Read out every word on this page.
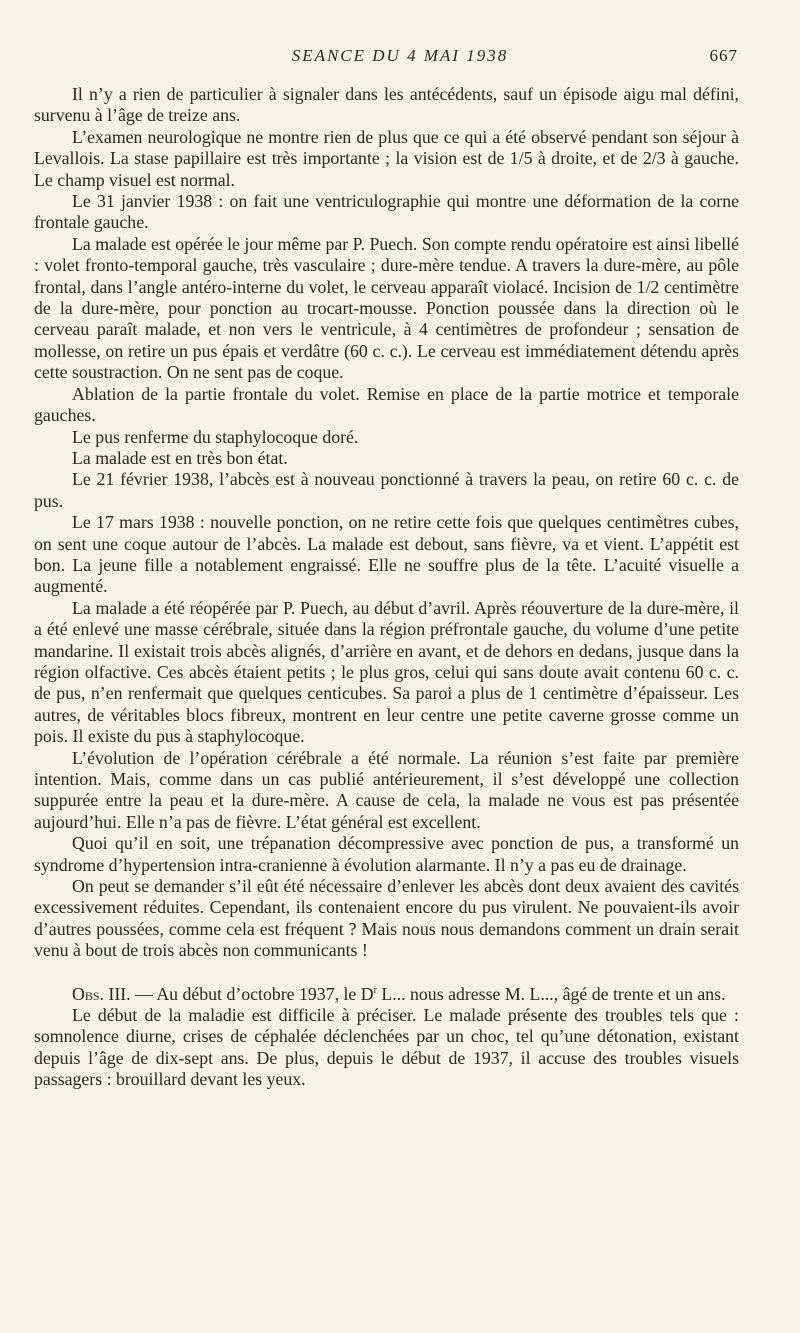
SEANCE DU 4 MAI 1938	667

Il n’y a rien de particulier à signaler dans les antécédents, sauf un épisode aigu mal défini, survenu à l’âge de treize ans.

L’examen neurologique ne montre rien de plus que ce qui a été observé pendant son séjour à Levallois. La stase papillaire est très importante ; la vision est de 1/5 à droite, et de 2/3 à gauche. Le champ visuel est normal.

Le 31 janvier 1938 : on fait une ventriculographie qui montre une déformation de la corne frontale gauche.

La malade est opérée le jour même par P. Puech. Son compte rendu opératoire est ainsi libellé : volet fronto-temporal gauche, très vasculaire ; dure-mère tendue. A travers la dure-mère, au pôle frontal, dans l’angle antéro-interne du volet, le cerveau apparaît violacé. Incision de 1/2 centimètre de la dure-mère, pour ponction au trocart-mousse. Ponction poussée dans la direction où le cerveau paraît malade, et non vers le ventricule, à 4 centimètres de profondeur ; sensation de mollesse, on retire un pus épais et verdâtre (60 c. c.). Le cerveau est immédiatement détendu après cette soustraction. On ne sent pas de coque.

Ablation de la partie frontale du volet. Remise en place de la partie motrice et temporale gauches.

Le pus renferme du staphylocoque doré.

La malade est en très bon état.

Le 21 février 1938, l’abcès est à nouveau ponctionné à travers la peau, on retire 60 c. c. de pus.

Le 17 mars 1938 : nouvelle ponction, on ne retire cette fois que quelques centimètres cubes, on sent une coque autour de l’abcès. La malade est debout, sans fièvre, va et vient. L’appétit est bon. La jeune fille a notablement engraissé. Elle ne souffre plus de la tête. L’acuité visuelle a augmenté.

La malade a été réopérée par P. Puech, au début d’avril. Après réouverture de la dure-mère, il a été enlevé une masse cérébrale, située dans la région préfrontale gauche, du volume d’une petite mandarine. Il existait trois abcès alignés, d’arrière en avant, et de dehors en dedans, jusque dans la région olfactive. Ces abcès étaient petits ; le plus gros, celui qui sans doute avait contenu 60 c. c. de pus, n’en renfermait que quelques centicubes. Sa paroi a plus de 1 centimètre d’épaisseur. Les autres, de véritables blocs fibreux, montrent en leur centre une petite caverne grosse comme un pois. Il existe du pus à staphylocoque.

L’évolution de l’opération cérébrale a été normale. La réunion s’est faite par première intention. Mais, comme dans un cas publié antérieurement, il s’est développé une collection suppurée entre la peau et la dure-mère. A cause de cela, la malade ne vous est pas présentée aujourd’hui. Elle n’a pas de fièvre. L’état général est excellent.

Quoi qu’il en soit, une trépanation décompressive avec ponction de pus, a transformé un syndrome d’hypertension intra-cranienne à évolution alarmante. Il n’y a pas eu de drainage.

On peut se demander s’il eût été nécessaire d’enlever les abcès dont deux avaient des cavités excessivement réduites. Cependant, ils contenaient encore du pus virulent. Ne pouvaient-ils avoir d’autres poussées, comme cela est fréquent ? Mais nous nous demandons comment un drain serait venu à bout de trois abcès non communicants !

Obs. III. — Au début d’octobre 1937, le $D^r$ L... nous adresse M. L..., âgé de trente et un ans.

Le début de la maladie est difficile à préciser. Le malade présente des troubles tels que : somnolence diurne, crises de céphalée déclenchées par un choc, tel qu’une détonation, existant depuis l’âge de dix-sept ans. De plus, depuis le début de 1937, il accuse des troubles visuels passagers : brouillard devant les yeux.
